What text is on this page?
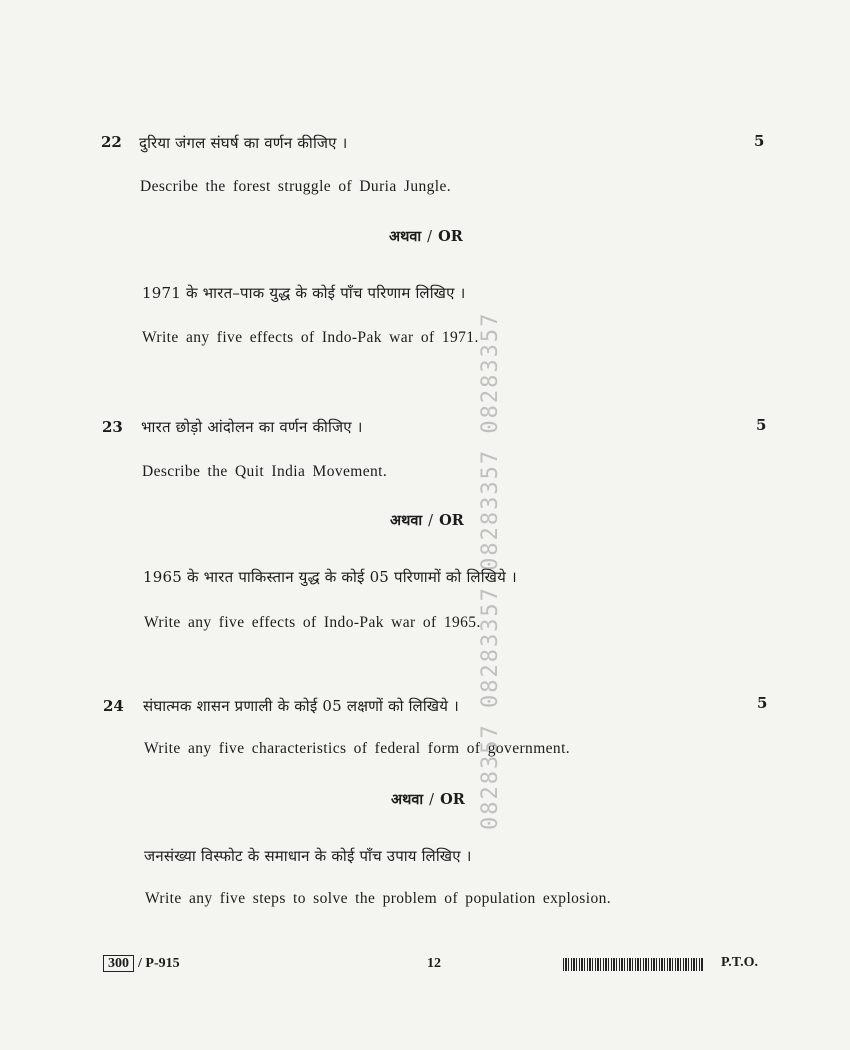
0828357 08283357 08283357 08283357
22 दुरिया जंगल संघर्ष का वर्णन कीजिए ।	5
Describe the forest struggle of Duria Jungle.
अथवा / OR
1971 के भारत–पाक युद्ध के कोई पाँच परिणाम लिखिए ।
Write any five effects of Indo-Pak war of 1971.
23 भारत छोड़ो आंदोलन का वर्णन कीजिए ।	5
Describe the Quit India Movement.
अथवा / OR
1965 के भारत पाकिस्तान युद्ध के कोई 05 परिणामों को लिखिये ।
Write any five effects of Indo-Pak war of 1965.
24 संघात्मक शासन प्रणाली के कोई 05 लक्षणों को लिखिये ।	5
Write any five characteristics of federal form of government.
अथवा / OR
जनसंख्या विस्फोट के समाधान के कोई पाँच उपाय लिखिए ।
Write any five steps to solve the problem of population explosion.
300 / P-915	12	P.T.O.
